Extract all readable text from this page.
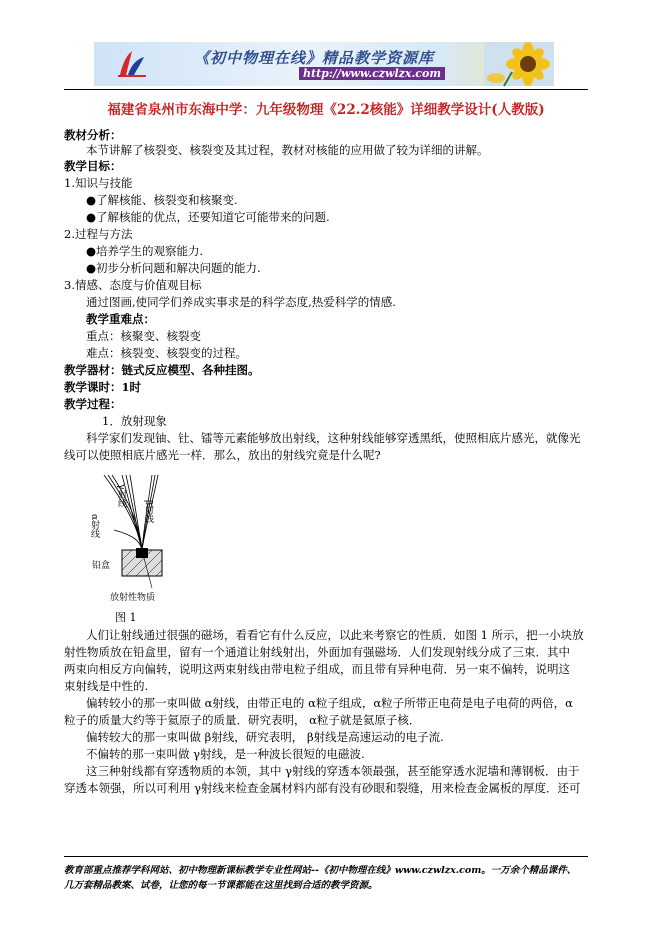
《初中物理在线》精品教学资源库
http://www.czwlzx.com
福建省泉州市东海中学：九年级物理《22.2核能》详细教学设计(人教版)
教材分析：
本节讲解了核裂变、核裂变及其过程，教材对核能的应用做了较为详细的讲解。
教学目标：
1.知识与技能
●了解核能、核裂变和核聚变.
●了解核能的优点，还要知道它可能带来的问题.
2.过程与方法
●培养学生的观察能力.
●初步分析问题和解决问题的能力.
3.情感、态度与价值观目标
通过图画,使同学们养成实事求是的科学态度,热爱科学的情感.
教学重难点：
重点：核聚变、核裂变
难点：核裂变、核裂变的过程。
教学器材：链式反应模型、各种挂图。
教学课时：1时
教学过程：
1．放射现象
科学家们发现铀、钍、镭等元素能够放出射线，这种射线能够穿透黑纸，使照相底片感光，就像光
线可以使照相底片感光一样．那么，放出的射线究竟是什么呢?
人们让射线通过很强的磁场，看看它有什么反应，以此来考察它的性质．如图 1 所示，把一小块放
射性物质放在铅盒里，留有一个通道让射线射出，外面加有强磁场．人们发现射线分成了三束．其中
两束向相反方向偏转，说明这两束射线由带电粒子组成，而且带有异种电荷．另一束不偏转，说明这
束射线是中性的.
偏转较小的那一束叫做 α射线，由带正电的 α粒子组成，α粒子所带正电荷是电子电荷的两倍，α
粒子的质量大约等于氦原子的质量．研究表明， α粒子就是氦原子核．
偏转较大的那一束叫做 β射线，研究表明， β射线是高速运动的电子流.
不偏转的那一束叫做 γ射线，是一种波长很短的电磁波.
这三种射线都有穿透物质的本领，其中 γ射线的穿透本领最强，甚至能穿透水泥墙和薄钢板．由于
穿透本领强，所以可利用 γ射线来检查金属材料内部有没有砂眼和裂缝，用来检查金属板的厚度．还可
α射线
γ射线
β射线
铅盒
放射性物质
图 1
教育部重点推荐学科网站、初中物理新课标教学专业性网站--《初中物理在线》www.czwlzx.com。一万余个精品课件、
几万套精品教案、试卷，让您的每一节课都能在这里找到合适的教学资源。
